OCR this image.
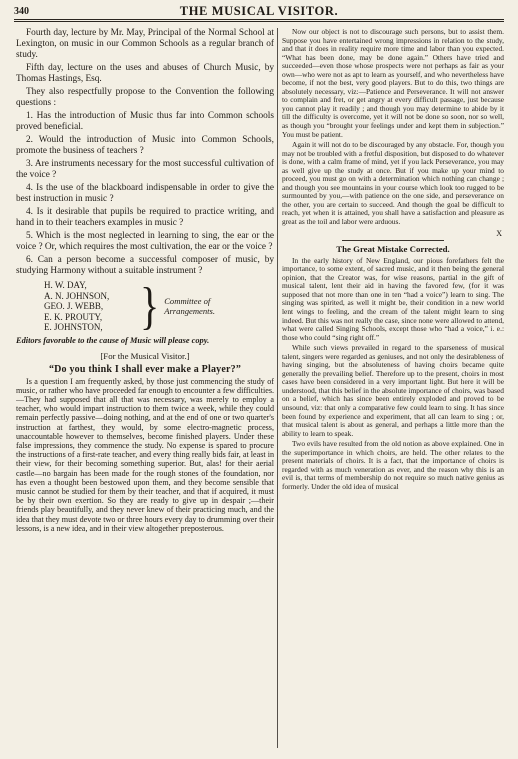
340	THE MUSICAL VISITOR.

Fourth day, lecture by Mr. May, Principal of the Normal School at Lexington, on music in our Common Schools as a regular branch of study.

Fifth day, lecture on the uses and abuses of Church Music, by Thomas Hastings, Esq.

They also respectfully propose to the Convention the following questions :

1. Has the introduction of Music thus far into Common schools proved beneficial.

2. Would the introduction of Music into Common Schools, promote the business of teachers ?

3. Are instruments necessary for the most successful cultivation of the voice ?

4. Is the use of the blackboard indispensable in order to give the best instruction in music ?

4. Is it desirable that pupils be required to practice writing, and hand in to their teachers examples in music ?

5. Which is the most neglected in learning to sing, the ear or the voice ? Or, which requires the most cultivation, the ear or the voice ?

6. Can a person become a successful composer of music, by studying Harmony without a suitable instrument ?

H. W. DAY,
A. N. JOHNSON,
GEO. J. WEBB,
E. K. PROUTY,
E. JOHNSTON, } Committee of
Arrangements.

Editors favorable to the cause of Music will please copy.

[For the Musical Visitor.]
“Do you think I shall ever make a Player?”

Is a question I am frequently asked, by those just commencing the study of music, or rather who have proceeded far enough to encounter a few difficulties.—They had supposed that all that was necessary, was merely to employ a teacher, who would impart instruction to them twice a week, while they could remain perfectly passive—doing nothing, and at the end of one or two quarter's instruction at farthest, they would, by some electro-magnetic process, unaccountable however to themselves, become finished players. Under these false impressions, they commence the study. No expense is spared to procure the instructions of a first-rate teacher, and every thing really bids fair, at least in their view, for their becoming something superior. But, alas! for their aerial castle—no bargain has been made for the rough stones of the foundation, nor has even a thought been bestowed upon them, and they become sensible that music cannot be studied for them by their teacher, and that if acquired, it must be by their own exertion. So they are ready to give up in despair ;—their friends play beautifully, and they never knew of their practicing much, and the idea that they must devote two or three hours every day to drumming over their lessons, is a new idea, and in their view altogether preposterous.

Now our object is not to discourage such persons, but to assist them. Suppose you have entertained wrong impressions in relation to the study, and that it does in reality require more time and labor than you expected. “What has been done, may be done again.” Others have tried and succeeded—even those whose prospects were not perhaps as fair as your own—who were not as apt to learn as yourself, and who nevertheless have become, if not the best, very good players. But to do this, two things are absolutely necessary, viz:—Patience and Perseverance. It will not answer to complain and fret, or get angry at every difficult passage, just because you cannot play it readily ; and though you may determine to abide by it till the difficulty is overcome, yet it will not be done so soon, nor so well, as though you “brought your feelings under and kept them in subjection.” You must be patient.

Again it will not do to be discouraged by any obstacle. For, though you may not be troubled with a fretful disposition, but disposed to do whatever is done, with a calm frame of mind, yet if you lack Perseverance, you may as well give up the study at once. But if you make up your mind to proceed, you must go on with a determination which nothing can change ; and though you see mountains in your course which look too rugged to be surmounted by you,—with patience on the one side, and perseverance on the other, you are certain to succeed. And though the goal be difficult to reach, yet when it is attained, you shall have a satisfaction and pleasure as great as the toil and labor were arduous.

X
The Great Mistake Corrected.

In the early history of New England, our pious forefathers felt the importance, to some extent, of sacred music, and it then being the general opinion, that the Creator was, for wise reasons, partial in the gift of musical talent, lent their aid in having the favored few, (for it was supposed that not more than one in ten “had a voice”) learn to sing. The singing was spirited, as well it might be, their condition in a new world lent wings to feeling, and the cream of the talent might learn to sing indeed. But this was not really the case, since none were allowed to attend, what were called Singing Schools, except those who “had a voice,” i. e.: those who could “sing right off.”

While such views prevailed in regard to the sparseness of musical talent, singers were regarded as geniuses, and not only the desirableness of having singing, but the absoluteness of having choirs became quite generally the prevailing belief. Therefore up to the present, choirs in most cases have been considered in a very important light. But here it will be understood, that this belief in the absolute importance of choirs, was based on a belief, which has since been entirely exploded and proved to be unsound, viz: that only a comparative few could learn to sing. It has since been found by experience and experiment, that all can learn to sing ; or, that musical talent is about as general, and perhaps a little more than the ability to learn to speak.

Two evils have resulted from the old notion as above explained. One in the superimportance in which choirs, are held. The other relates to the present materials of choirs. It is a fact, that the importance of choirs is regarded with as much veneration as ever, and the reason why this is an evil is, that terms of membership do not require so much native genius as formerly. Under the old idea of musical
